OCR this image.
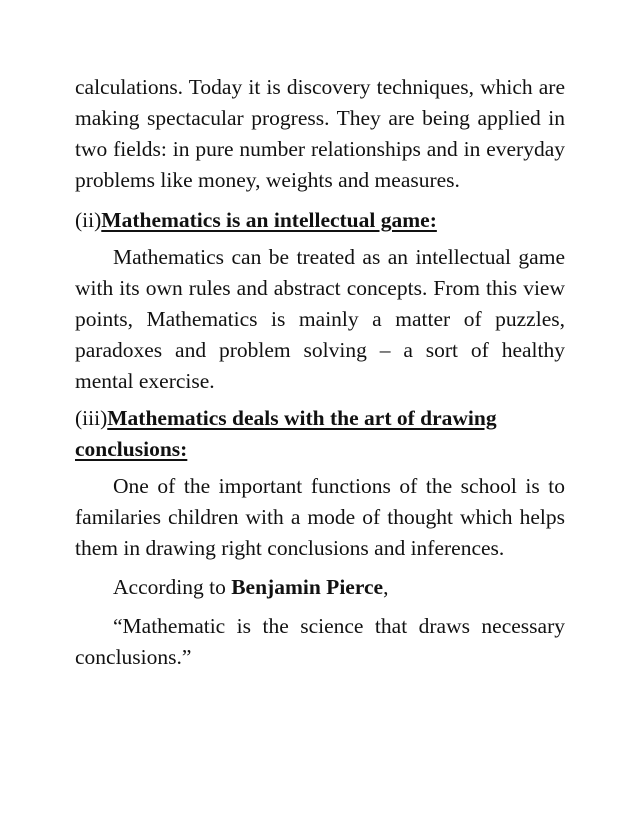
calculations. Today it is discovery techniques, which are making spectacular progress. They are being applied in two fields: in pure number relationships and in everyday problems like money, weights and measures.

(ii)Mathematics is an intellectual game:

Mathematics can be treated as an intellectual game with its own rules and abstract concepts. From this view points, Mathematics is mainly a matter of puzzles, paradoxes and problem solving – a sort of healthy mental exercise.

(iii)Mathematics deals with the art of drawing conclusions:

One of the important functions of the school is to familaries children with a mode of thought which helps them in drawing right conclusions and inferences.

According to Benjamin Pierce,

“Mathematic is the science that draws necessary conclusions.”
